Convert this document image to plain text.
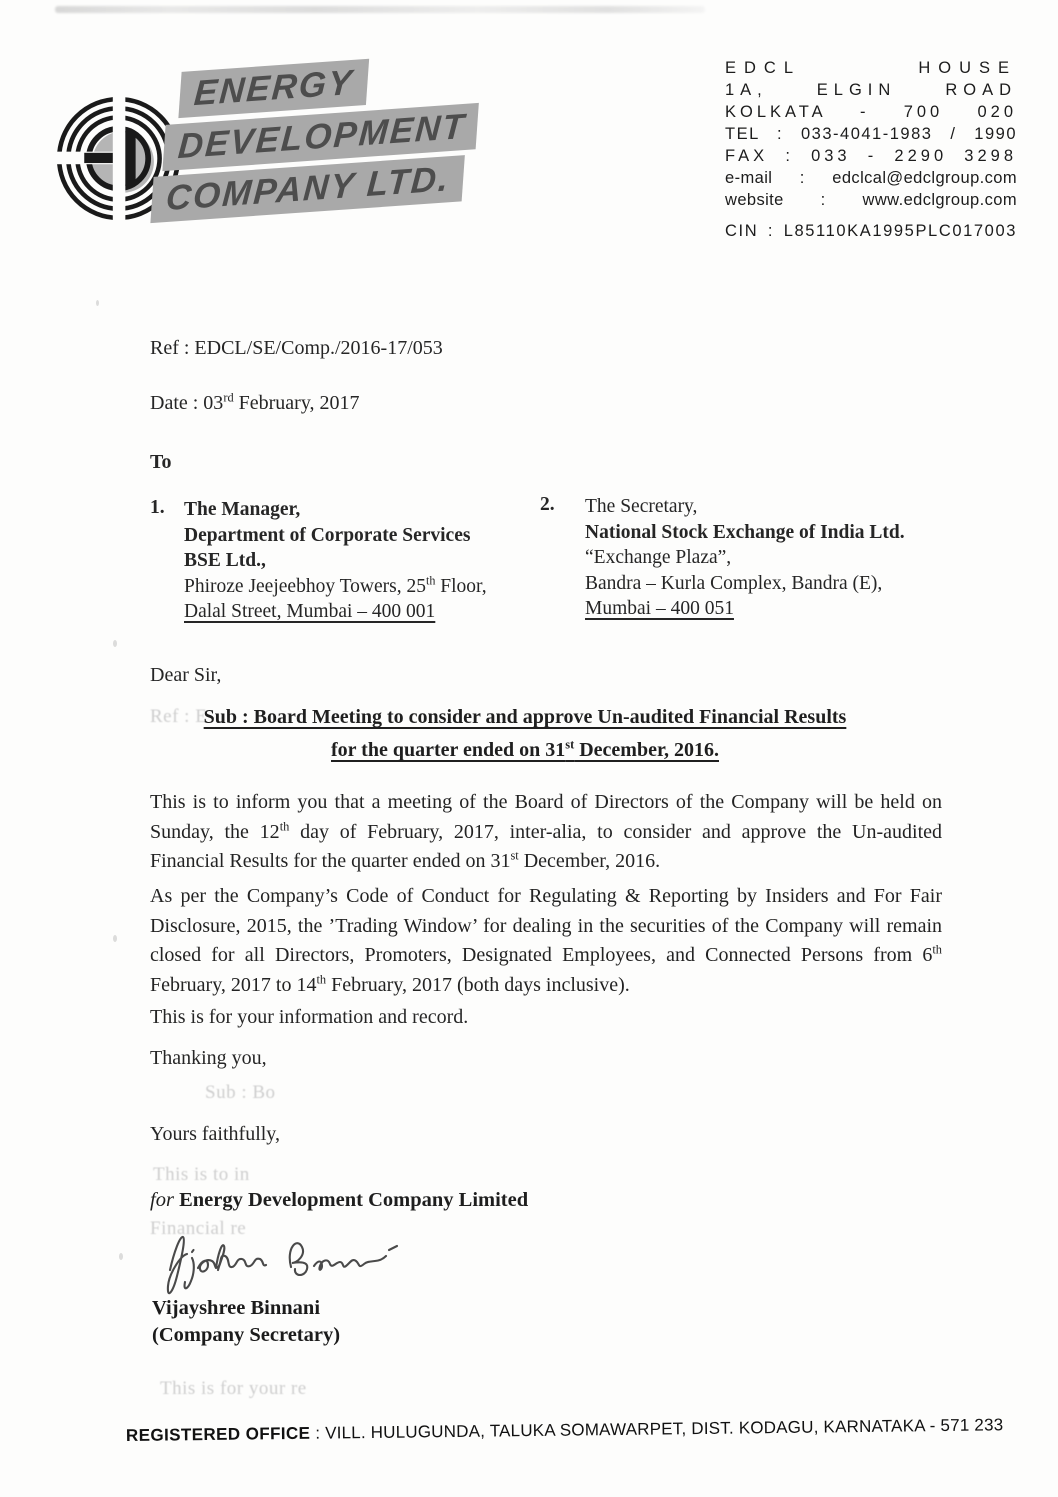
Ref : E
Sub : Bo
This is to in
Financial re
This is for your re
ENERGY
DEVELOPMENT
COMPANY LTD.
EDCL HOUSE
1A, ELGIN ROAD
KOLKATA - 700 020
TEL : 033-4041-1983 / 1990
FAX : 033 - 2290 3298
e-mail : edclcal@edclgroup.com
website : www.edclgroup.com
CIN : L85110KA1995PLC017003
Ref : EDCL/SE/Comp./2016-17/053
Date : 03rd February, 2017
To
1. The Manager,
Department of Corporate Services
BSE Ltd.,
Phiroze Jeejeebhoy Towers, 25th Floor,
Dalal Street, Mumbai – 400 001
2. The Secretary,
National Stock Exchange of India Ltd.
“Exchange Plaza”,
Bandra – Kurla Complex, Bandra (E),
Mumbai – 400 051
Dear Sir,
Sub : Board Meeting to consider and approve Un-audited Financial Results
for the quarter ended on 31st December, 2016.
This is to inform you that a meeting of the Board of Directors of the Company will be held on Sunday, the 12th day of February, 2017, inter-alia, to consider and approve the Un-audited Financial Results for the quarter ended on 31st December, 2016.
As per the Company’s Code of Conduct for Regulating & Reporting by Insiders and For Fair Disclosure, 2015, the ’Trading Window’ for dealing in the securities of the Company will remain closed for all Directors, Promoters, Designated Employees, and Connected Persons from 6th February, 2017 to 14th February, 2017 (both days inclusive).
This is for your information and record.
Thanking you,
Yours faithfully,
for Energy Development Company Limited
Vijayshree Binnani
(Company Secretary)
REGISTERED OFFICE : VILL. HULUGUNDA, TALUKA SOMAWARPET, DIST. KODAGU, KARNATAKA - 571 233
